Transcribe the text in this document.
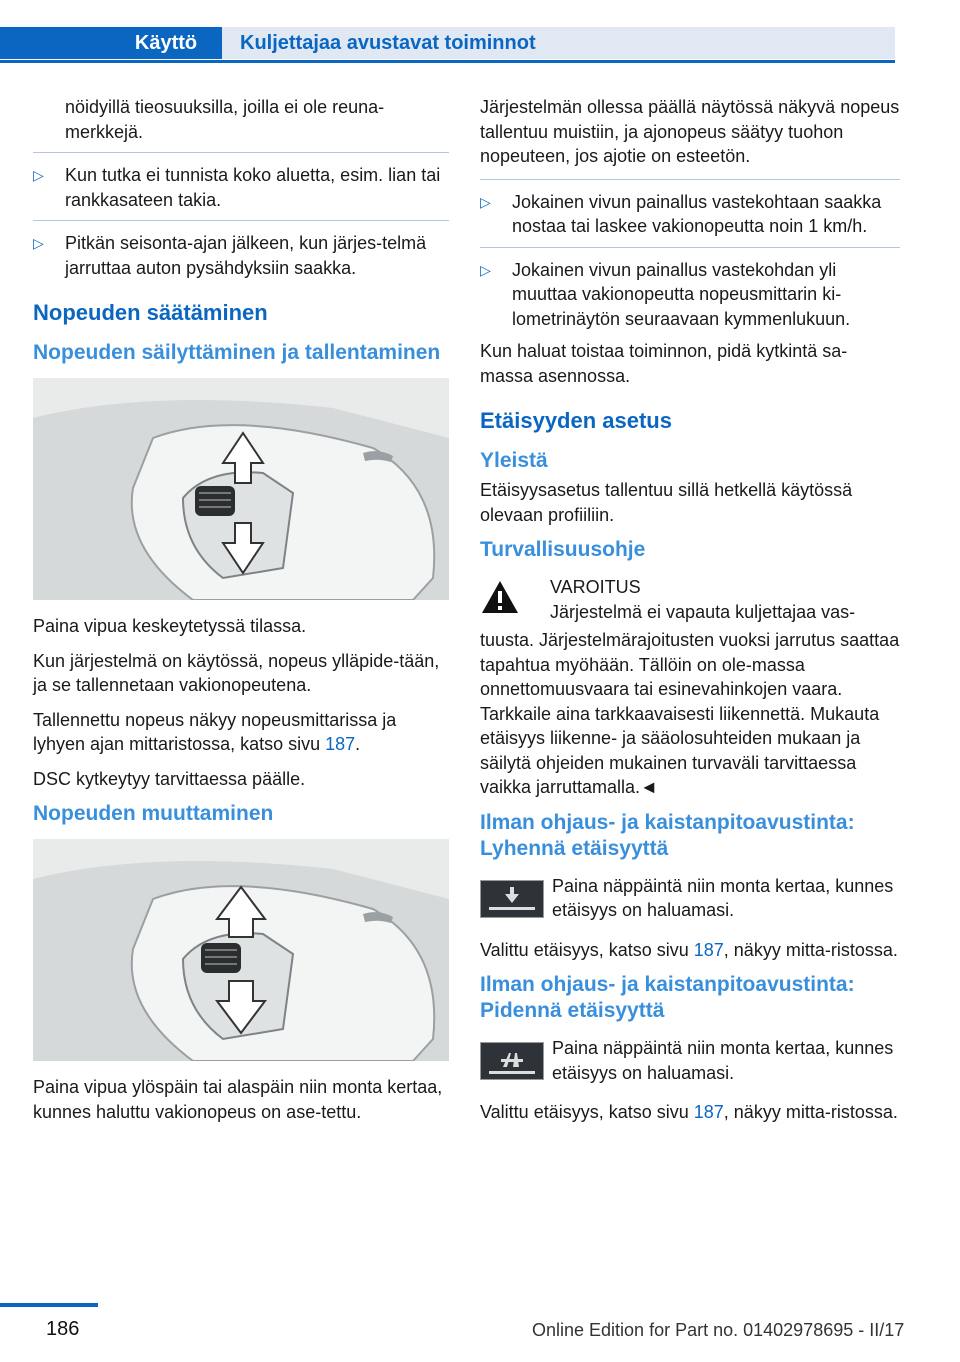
Käyttö	Kuljettajaa avustavat toiminnot

nöidyillä tieosuuksilla, joilla ei ole reuna-merkkejä.

▷ Kun tutka ei tunnista koko aluetta, esim. lian tai rankkasateen takia.
▷ Pitkän seisonta-ajan jälkeen, kun järjes-telmä jarruttaa auton pysähdyksiin saakka.
Nopeuden säätäminen
Nopeuden säilyttäminen ja tallentaminen

Paina vipua keskeytetyssä tilassa.

Kun järjestelmä on käytössä, nopeus ylläpide-tään, ja se tallennetaan vakionopeutena.

Tallennettu nopeus näkyy nopeusmittarissa ja lyhyen ajan mittaristossa, katso sivu 187.

DSC kytkeytyy tarvittaessa päälle.

Nopeuden muuttaminen

Paina vipua ylöspäin tai alaspäin niin monta kertaa, kunnes haluttu vakionopeus on ase-tettu.

Järjestelmän ollessa päällä näytössä näkyvä nopeus tallentuu muistiin, ja ajonopeus säätyy tuohon nopeuteen, jos ajotie on esteetön.

▷ Jokainen vivun painallus vastekohtaan saakka nostaa tai laskee vakionopeutta noin 1 km/h.
▷ Jokainen vivun painallus vastekohdan yli muuttaa vakionopeutta nopeusmittarin ki-lometrinäytön seuraavaan kymmenlukuun.

Kun haluat toistaa toiminnon, pidä kytkintä sa-massa asennossa.

Etäisyyden asetus
Yleistä

Etäisyysasetus tallentuu sillä hetkellä käytössä olevaan profiiliin.

Turvallisuusohje
VAROITUS
Järjestelmä ei vapauta kuljettajaa vas-
tuusta. Järjestelmärajoitusten vuoksi jarrutus saattaa tapahtua myöhään. Tällöin on ole-massa onnettomuusvaara tai esinevahinkojen vaara. Tarkkaile aina tarkkaavaisesti liikennettä. Mukauta etäisyys liikenne- ja sääolosuhteiden mukaan ja säilytä ohjeiden mukainen turvaväli tarvittaessa vaikka jarruttamalla.◄
Ilman ohjaus- ja kaistanpitoavustinta: Lyhennä etäisyyttä
Paina näppäintä niin monta kertaa, kunnes etäisyys on haluamasi.

Valittu etäisyys, katso sivu 187, näkyy mitta-ristossa.

Ilman ohjaus- ja kaistanpitoavustinta: Pidennä etäisyyttä
Paina näppäintä niin monta kertaa, kunnes etäisyys on haluamasi.

Valittu etäisyys, katso sivu 187, näkyy mitta-ristossa.

186	Online Edition for Part no. 01402978695 - II/17
